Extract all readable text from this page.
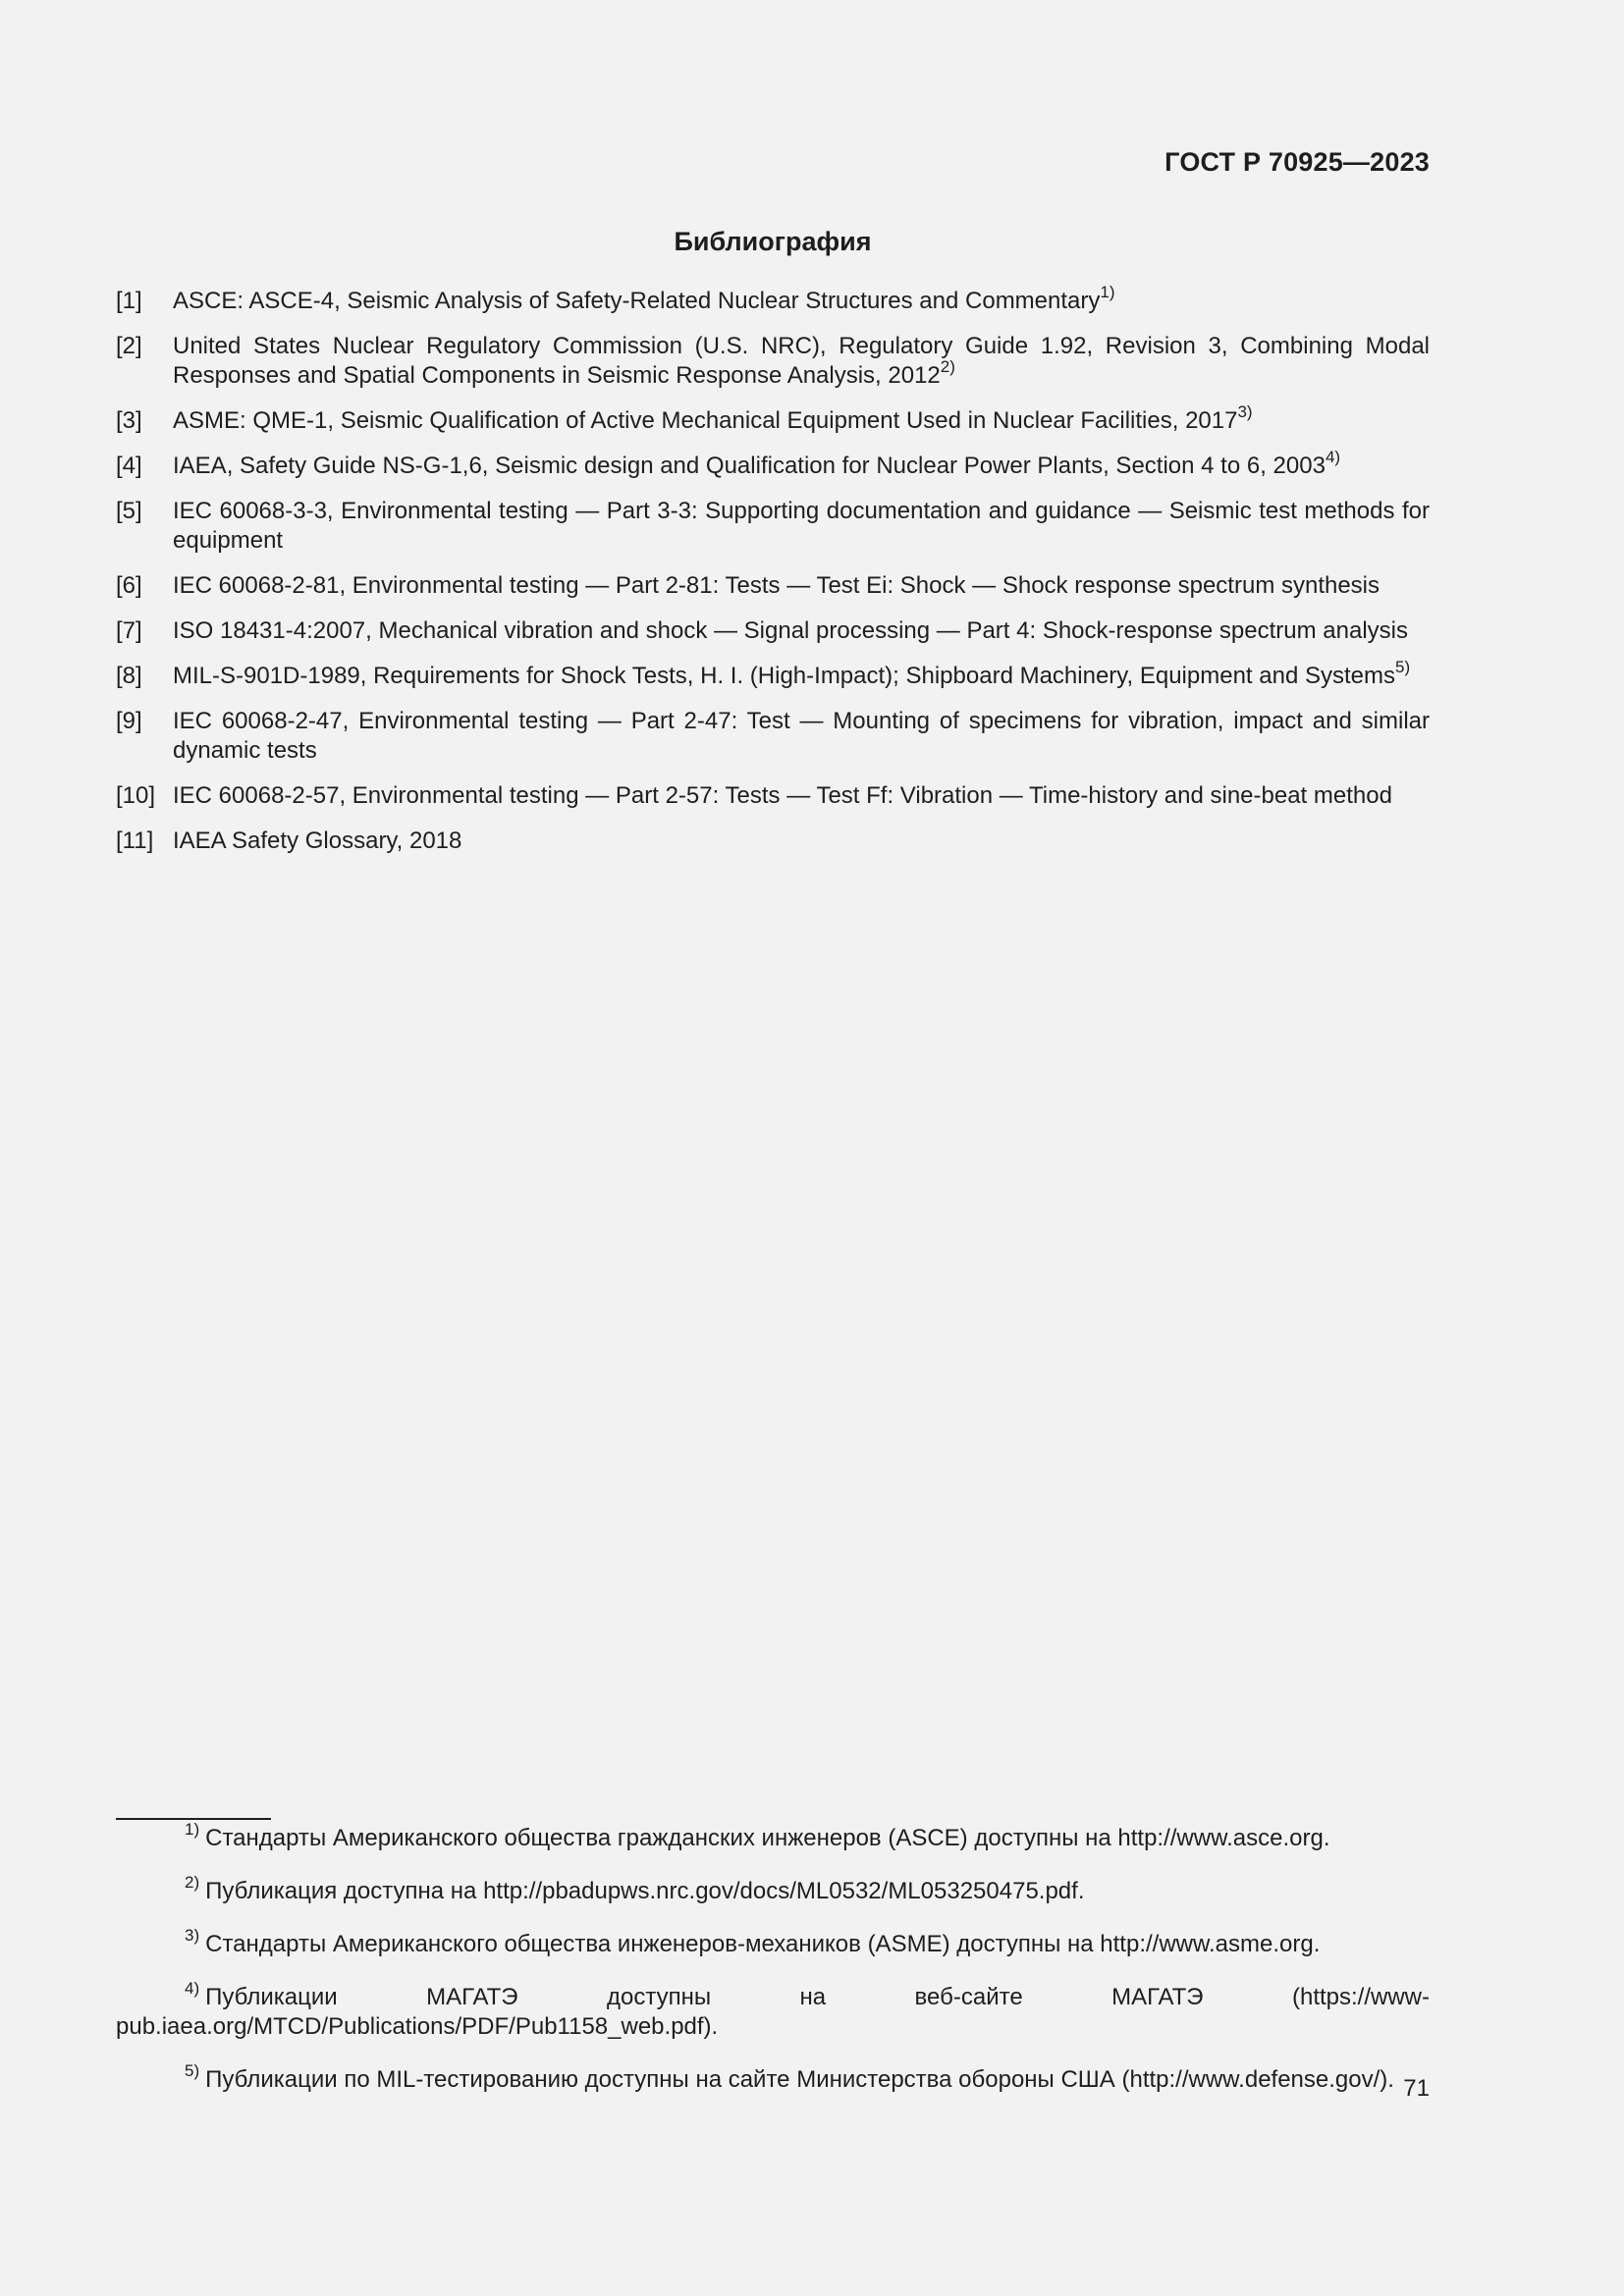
ГОСТ Р 70925—2023
Библиография
[1]	ASCE: ASCE-4, Seismic Analysis of Safety-Related Nuclear Structures and Commentary$^{1)}$
[2]	United States Nuclear Regulatory Commission (U.S. NRC), Regulatory Guide 1.92, Revision 3, Combining Modal Responses and Spatial Components in Seismic Response Analysis, 2012$^{2)}$
[3]	ASME: QME-1, Seismic Qualification of Active Mechanical Equipment Used in Nuclear Facilities, 2017$^{3)}$
[4]	IAEA, Safety Guide NS-G-1,6, Seismic design and Qualification for Nuclear Power Plants, Section 4 to 6, 2003$^{4)}$
[5]	IEC 60068-3-3, Environmental testing — Part 3-3: Supporting documentation and guidance — Seismic test methods for equipment
[6]	IEC 60068-2-81, Environmental testing — Part 2-81: Tests — Test Ei: Shock — Shock response spectrum synthesis
[7]	ISO 18431-4:2007, Mechanical vibration and shock — Signal processing — Part 4: Shock-response spectrum analysis
[8]	MIL-S-901D-1989, Requirements for Shock Tests, H. I. (High-Impact); Shipboard Machinery, Equipment and Systems$^{5)}$
[9]	IEC 60068-2-47, Environmental testing — Part 2-47: Test — Mounting of specimens for vibration, impact and similar dynamic tests
[10] IEC 60068-2-57, Environmental testing — Part 2-57: Tests — Test Ff: Vibration — Time-history and sine-beat method
[11] IAEA Safety Glossary, 2018

$^{1)}$ Стандарты Американского общества гражданских инженеров (ASCE) доступны на http://www.asce.org.

$^{2)}$ Публикация доступна на http://pbadupws.nrc.gov/docs/ML0532/ML053250475.pdf.

$^{3)}$ Стандарты Американского общества инженеров-механиков (ASME) доступны на http://www.asme.org.

$^{4)}$ Публикации МАГАТЭ доступны на веб-сайте МАГАТЭ (https://www-pub.iaea.org/MTCD/Publications/PDF/Pub1158_web.pdf).

$^{5)}$ Публикации по MIL-тестированию доступны на сайте Министерства обороны США (http://www.defense.gov/). 71
